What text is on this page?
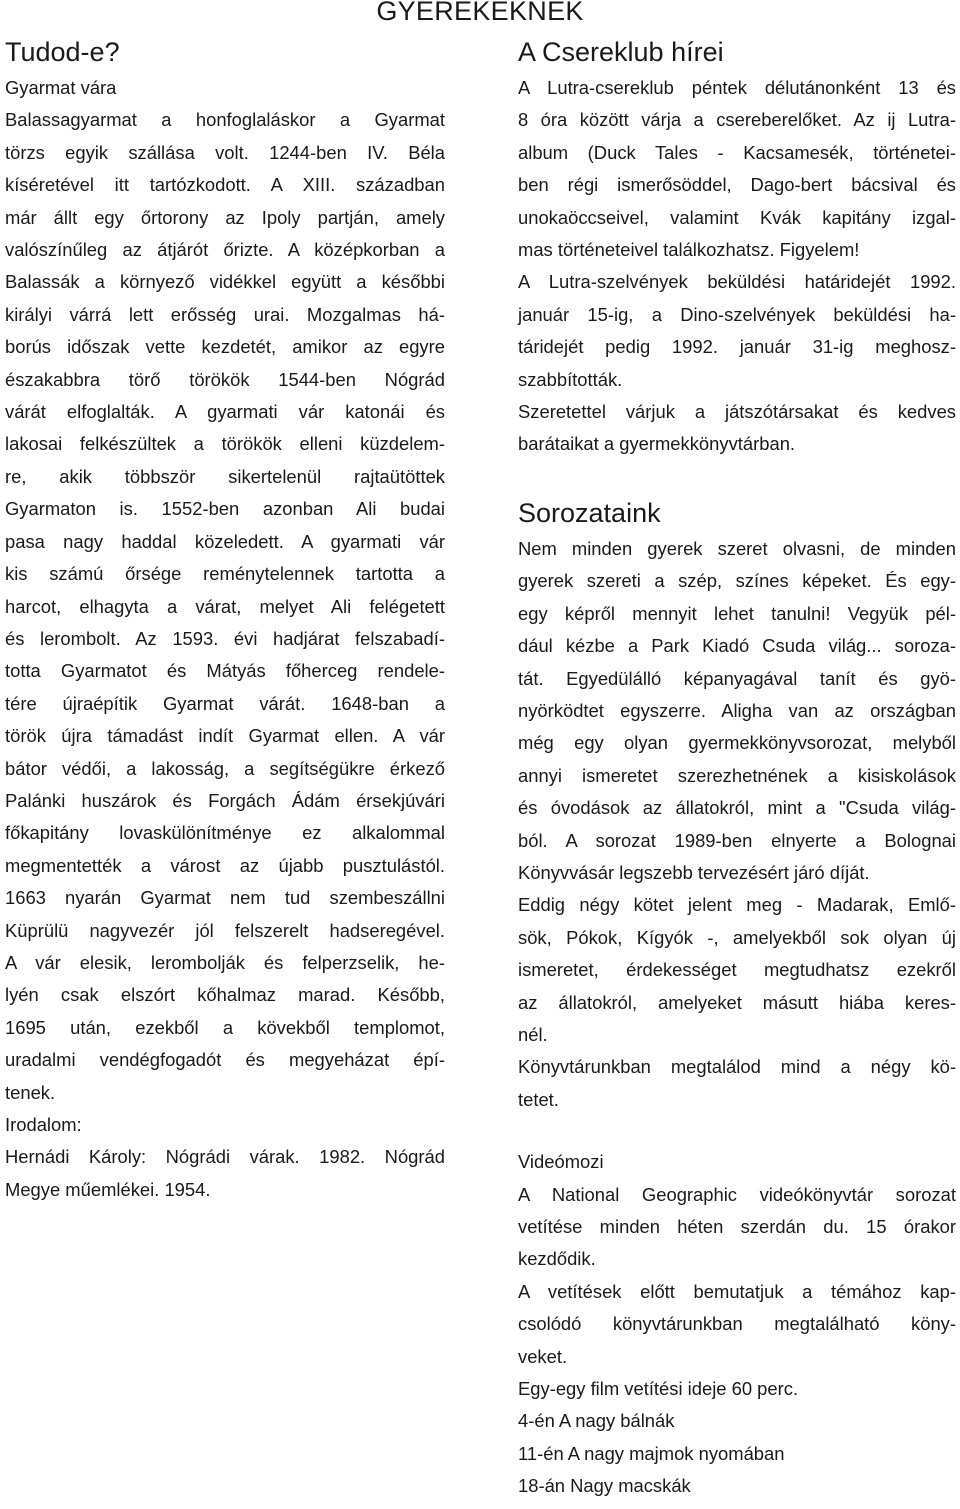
GYEREKEKNEK
Tudod-e?
Gyarmat vára
Balassagyarmat a honfoglaláskor a Gyarmat
törzs egyik szállása volt. 1244-ben IV. Béla
kíséretével itt tartózkodott. A XIII. században
már állt egy őrtorony az Ipoly partján, amely
valószínűleg az átjárót őrizte. A középkorban a
Balassák a környező vidékkel együtt a későbbi
királyi várrá lett erősség urai. Mozgalmas há-
borús időszak vette kezdetét, amikor az egyre
északabbra törő törökök 1544-ben Nógrád
várát elfoglalták. A gyarmati vár katonái és
lakosai felkészültek a törökök elleni küzdelem-
re, akik többször sikertelenül rajtaütöttek
Gyarmaton is. 1552-ben azonban Ali budai
pasa nagy haddal közeledett. A gyarmati vár
kis számú őrsége reménytelennek tartotta a
harcot, elhagyta a várat, melyet Ali felégetett
és lerombolt. Az 1593. évi hadjárat felszabadí-
totta Gyarmatot és Mátyás főherceg rendele-
tére újraépítik Gyarmat várát. 1648-ban a
török újra támadást indít Gyarmat ellen. A vár
bátor védői, a lakosság, a segítségükre érkező
Palánki huszárok és Forgách Ádám érsekjúvári
főkapitány lovaskülönítménye ez alkalommal
megmentették a várost az újabb pusztulástól.
1663 nyarán Gyarmat nem tud szembeszállni
Küprülü nagyvezér jól felszerelt hadseregével.
A vár elesik, lerombolják és felperzselik, he-
lyén csak elszórt kőhalmaz marad. Később,
1695 után, ezekből a kövekből templomot,
uradalmi vendégfogadót és megyeházat épí-
tenek.
Irodalom:
Hernádi Károly: Nógrádi várak. 1982. Nógrád
Megye műemlékei. 1954.
A Csereklub hírei
A Lutra-csereklub péntek délutánonként 13 és
8 óra között várja a csereberelőket. Az ij Lutra-
album (Duck Tales - Kacsamesék, történetei-
ben régi ismerősöddel, Dago-bert bácsival és
unokaöccseivel, valamint Kvák kapitány izgal-
mas történeteivel találkozhatsz. Figyelem!
A Lutra-szelvények beküldési határidejét 1992.
január 15-ig, a Dino-szelvények beküldési ha-
táridejét pedig 1992. január 31-ig meghosz-
szabbították.
Szeretettel várjuk a játszótársakat és kedves
barátaikat a gyermekkönyvtárban.
Sorozataink
Nem minden gyerek szeret olvasni, de minden
gyerek szereti a szép, színes képeket. És egy-
egy képről mennyit lehet tanulni! Vegyük pél-
dául kézbe a Park Kiadó Csuda világ... soroza-
tát. Egyedülálló képanyagával tanít és gyö-
nyörködtet egyszerre. Aligha van az országban
még egy olyan gyermekkönyvsorozat, melyből
annyi ismeretet szerezhetnének a kisiskolások
és óvodások az állatokról, mint a "Csuda világ-
ból. A sorozat 1989-ben elnyerte a Bolognai
Könyvvásár legszebb tervezésért járó díját.
Eddig négy kötet jelent meg - Madarak, Emlő-
sök, Pókok, Kígyók -, amelyekből sok olyan új
ismeretet, érdekességet megtudhatsz ezekről
az állatokról, amelyeket másutt hiába keres-
nél.
Könyvtárunkban megtalálod mind a négy kö-
tetet.
Videómozi
A National Geographic videókönyvtár sorozat
vetítése minden héten szerdán du. 15 órakor
kezdődik.
A vetítések előtt bemutatjuk a témához kap-
csolódó könyvtárunkban megtalálható köny-
veket.
Egy-egy film vetítési ideje 60 perc.
4-én A nagy bálnák
11-én A nagy majmok nyomában
18-án Nagy macskák
